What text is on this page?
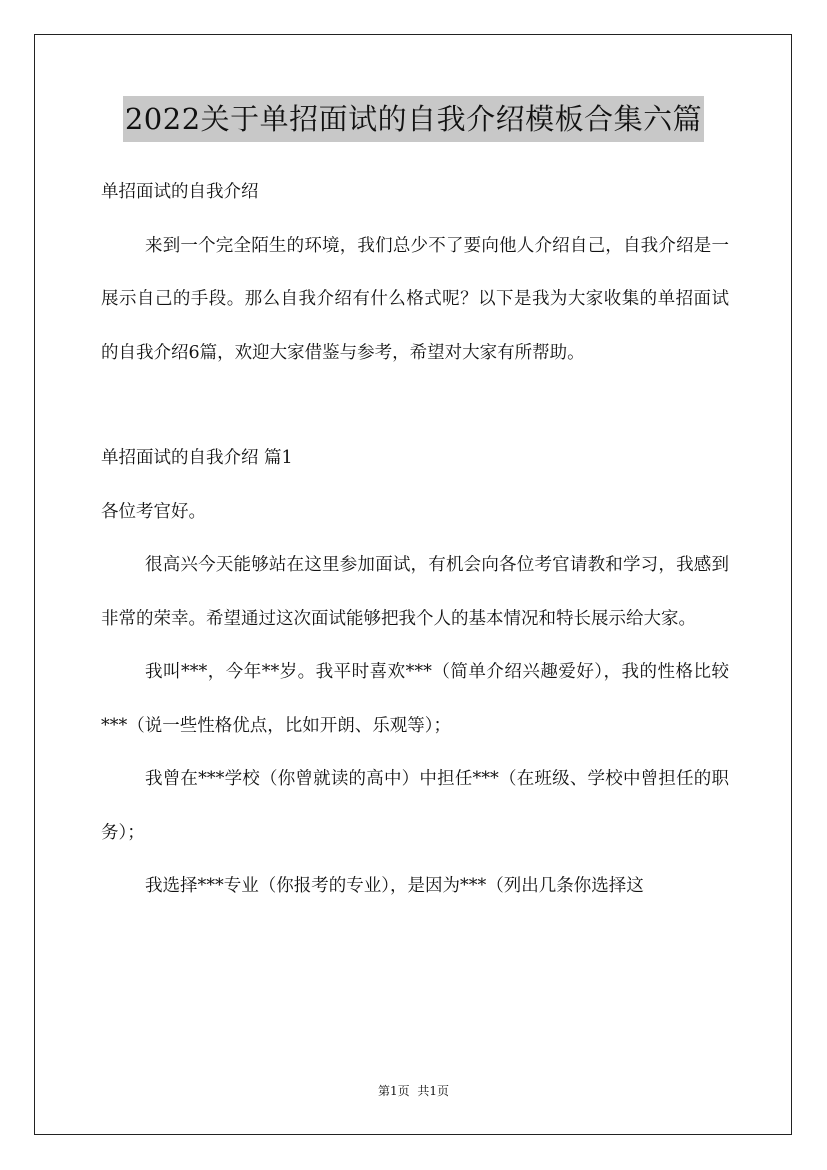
2022关于单招面试的自我介绍模板合集六篇

单招面试的自我介绍

来到一个完全陌生的环境，我们总少不了要向他人介绍自己，自我介绍是一展示自己的手段。那么自我介绍有什么格式呢？以下是我为大家收集的单招面试的自我介绍6篇，欢迎大家借鉴与参考，希望对大家有所帮助。

单招面试的自我介绍 篇1

各位考官好。

很高兴今天能够站在这里参加面试，有机会向各位考官请教和学习，我感到非常的荣幸。希望通过这次面试能够把我个人的基本情况和特长展示给大家。

我叫***，今年**岁。我平时喜欢***（简单介绍兴趣爱好），我的性格比较***（说一些性格优点，比如开朗、乐观等）；

我曾在***学校（你曾就读的高中）中担任***（在班级、学校中曾担任的职务）；

我选择***专业（你报考的专业），是因为***（列出几条你选择这

第1页 共1页
